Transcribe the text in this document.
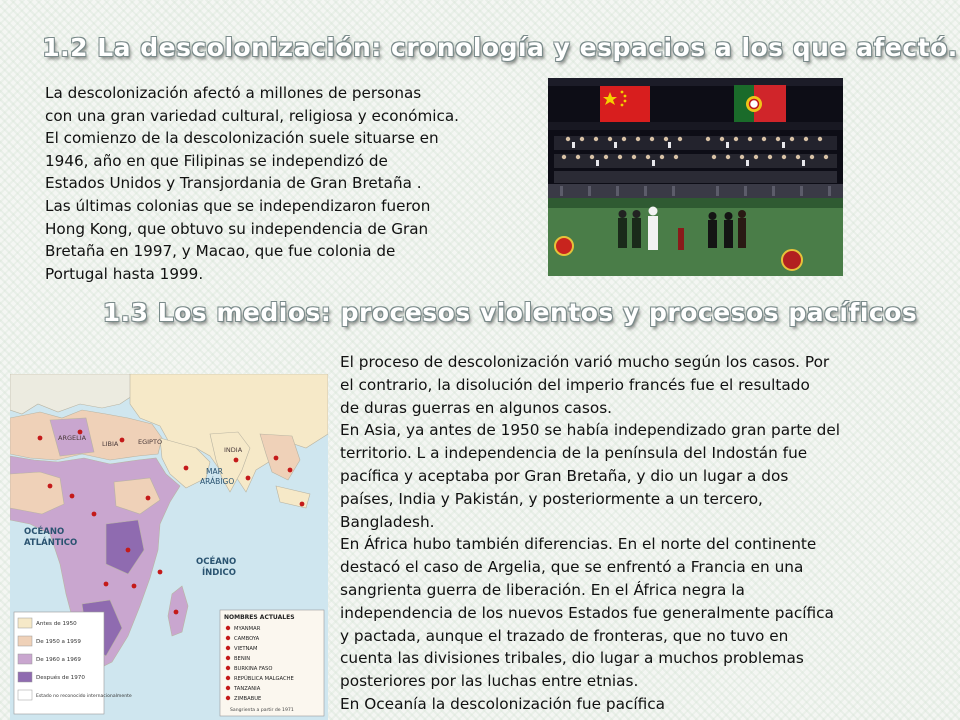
1.2 La descolonización: cronología y espacios a los que afectó.

La descolonización afectó a millones de personas

con una gran variedad cultural, religiosa y económica.

El comienzo de la descolonización suele situarse en

1946, año en que Filipinas se independizó de

Estados Unidos y Transjordania de Gran Bretaña .

Las últimas colonias que se independizaron fueron

Hong Kong, que obtuvo su independencia de Gran

Bretaña en 1997, y Macao, que fue colonia de

Portugal hasta 1999.

1.3 Los medios: procesos violentos y procesos pacíficos
OCÉANO
ATLÁNTICO
OCÉANO
ÍNDICO
MAR
ARÁBIGO
ARGELIA
LIBIA	EGIPTO
INDIA
Antes de 1950
De 1950 a 1959
De 1960 a 1969
Después de 1970
Estado no reconocido internacionalmente
NOMBRES ACTUALES
MYANMAR
CAMBOYA
VIETNAM
BENIN
BURKINA FASO
REPÚBLICA MALGACHE
TANZANIA
ZIMBABUE
Sangrienta a partir de 1971

El proceso de descolonización varió mucho según los casos. Por

el contrario, la disolución del imperio francés fue el resultado

de duras guerras en algunos casos.

En Asia, ya antes de 1950 se había independizado gran parte del

territorio. L a independencia de la península del Indostán fue

pacífica y aceptaba por Gran Bretaña, y dio un lugar a dos

países, India y Pakistán, y posteriormente a un tercero,

Bangladesh.

En África hubo también diferencias. En el norte del continente

destacó el caso de Argelia, que se enfrentó a Francia en una

sangrienta guerra de liberación. En el África negra la

independencia de los nuevos Estados fue generalmente pacífica

y pactada, aunque el trazado de fronteras, que no tuvo en

cuenta las divisiones tribales, dio lugar a muchos problemas

posteriores por las luchas entre etnias.

En Oceanía la descolonización fue pacífica
